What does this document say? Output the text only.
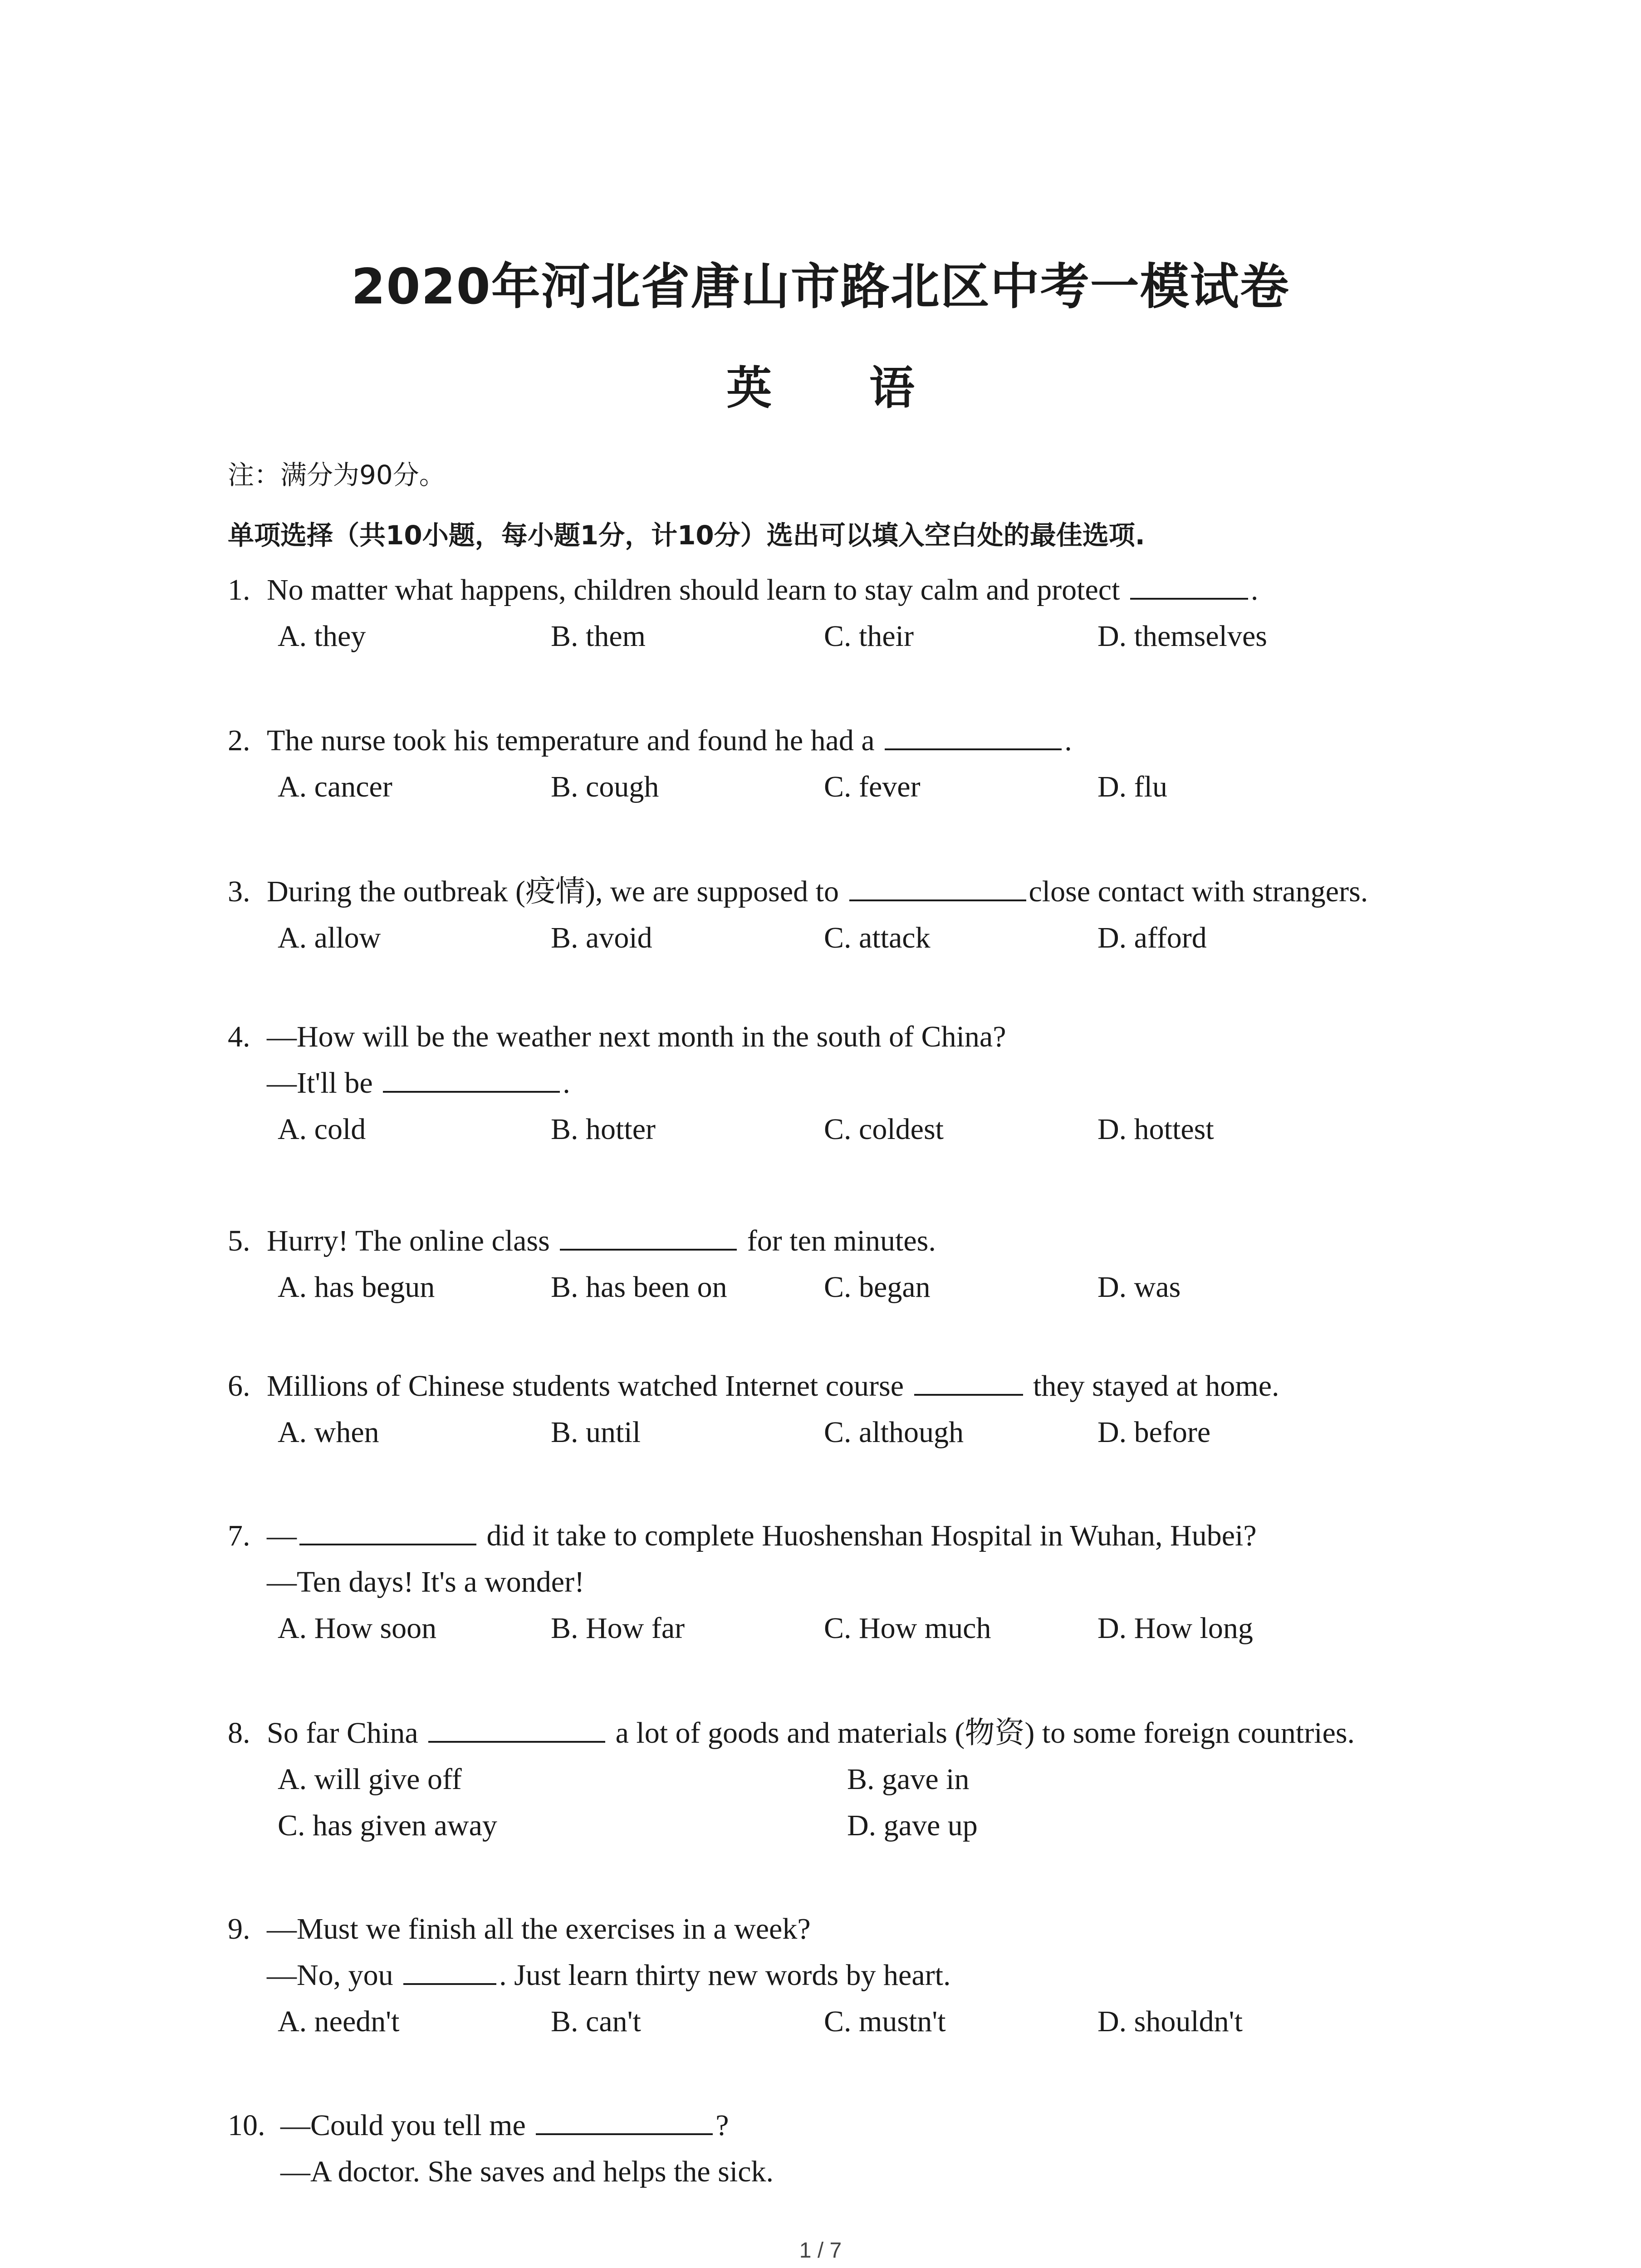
2020年河北省唐山市路北区中考一模试卷
英 语
注：满分为90分。
单项选择（共10小题，每小题1分，计10分）选出可以填入空白处的最佳选项.
1. No matter what happens, children should learn to stay calm and protect	.
A. they	B. them	C. their	D. themselves
2. The nurse took his temperature and found he had a	.
A. cancer	B. cough	C. fever	D. flu
3. During the outbreak (疫情), we are supposed to	close contact with strangers.
A. allow	B. avoid	C. attack	D. afford
4. —How will be the weather next month in the south of China?
—It'll be	.
A. cold	B. hotter	C. coldest	D. hottest
5. Hurry! The online class	for ten minutes.
A. has begun	B. has been on	C. began	D. was
6. Millions of Chinese students watched Internet course	they stayed at home.
A. when	B. until	C. although	D. before
7. —	did it take to complete Huoshenshan Hospital in Wuhan, Hubei?
—Ten days! It's a wonder!
A. How soon	B. How far	C. How much	D. How long
8. So far China	a lot of goods and materials (物资) to some foreign countries.
A. will give off	B. gave in
C. has given away	D. gave up
9. —Must we finish all the exercises in a week?
—No, you	. Just learn thirty new words by heart.
A. needn't	B. can't	C. mustn't	D. shouldn't
10. —Could you tell me	?
—A doctor. She saves and helps the sick.
1 / 7
